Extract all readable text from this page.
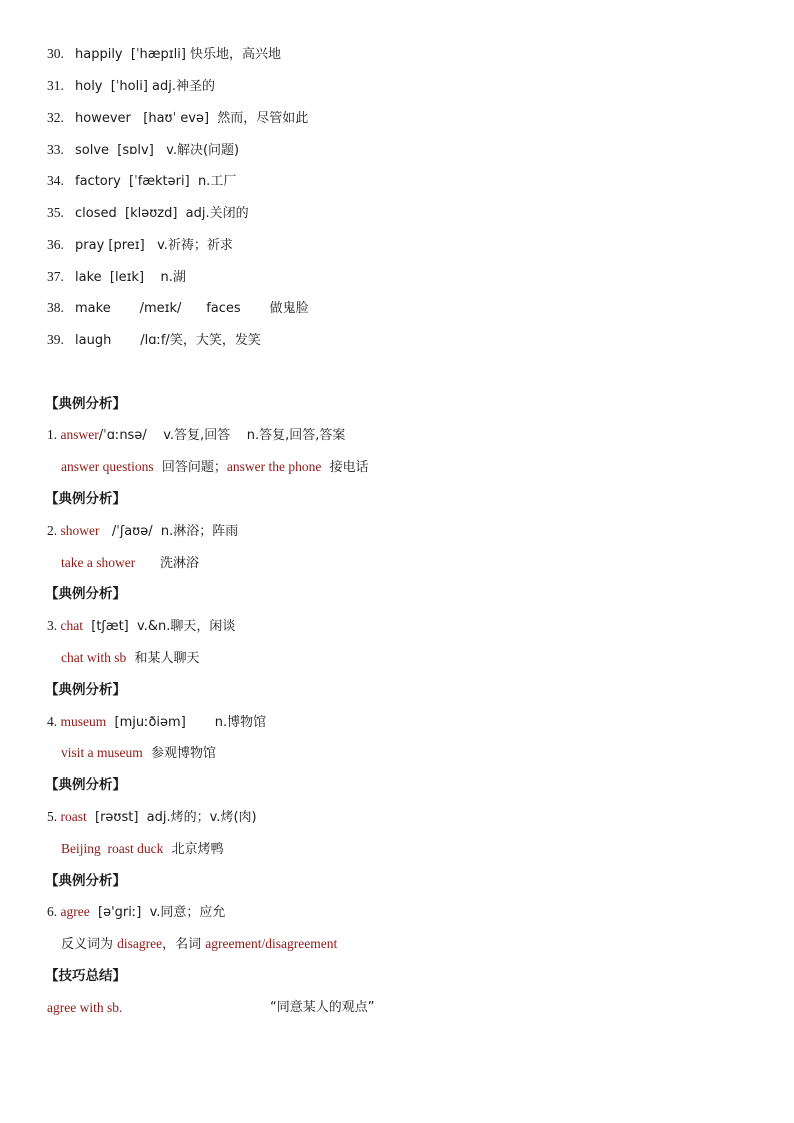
30. happily  [ˈhæpɪli] 快乐地，高兴地
31. holy  [ˈholi] adj.神圣的
32. however   [haʊˈ evə]  然而，尽管如此
33. solve  [sɒlv]   v.解决(问题)
34. factory  [ˈfæktəri]  n.工厂
35. closed  [kləʊzd]  adj.关闭的
36. pray [preɪ]   v.祈祷；祈求
37. lake  [leɪk]    n.湖
38. make       /meɪk/      faces       做鬼脸
39. laugh       /lɑːf/笑，大笑，发笑
【典例分析】
1. answer/ˈɑːnsə/    v.答复,回答    n.答复,回答,答案
answer questions  回答问题；answer the phone  接电话
【典例分析】
2. shower   /ˈʃaʊə/  n.淋浴；阵雨
take a shower      洗淋浴
【典例分析】
3. chat  [tʃæt]  v.&n.聊天，闲谈
chat with sb  和某人聊天
【典例分析】
4. museum  [mjuːðiəm]       n.博物馆
visit a museum  参观博物馆
【典例分析】
5. roast  [rəʊst]  adj.烤的；v.烤(肉)
Beijing  roast duck  北京烤鸭
【典例分析】
6. agree  [ə'griː]  v.同意；应允
反义词为 disagree，名词 agreement/disagreement
【技巧总结】
agree with sb.	“同意某人的观点”
